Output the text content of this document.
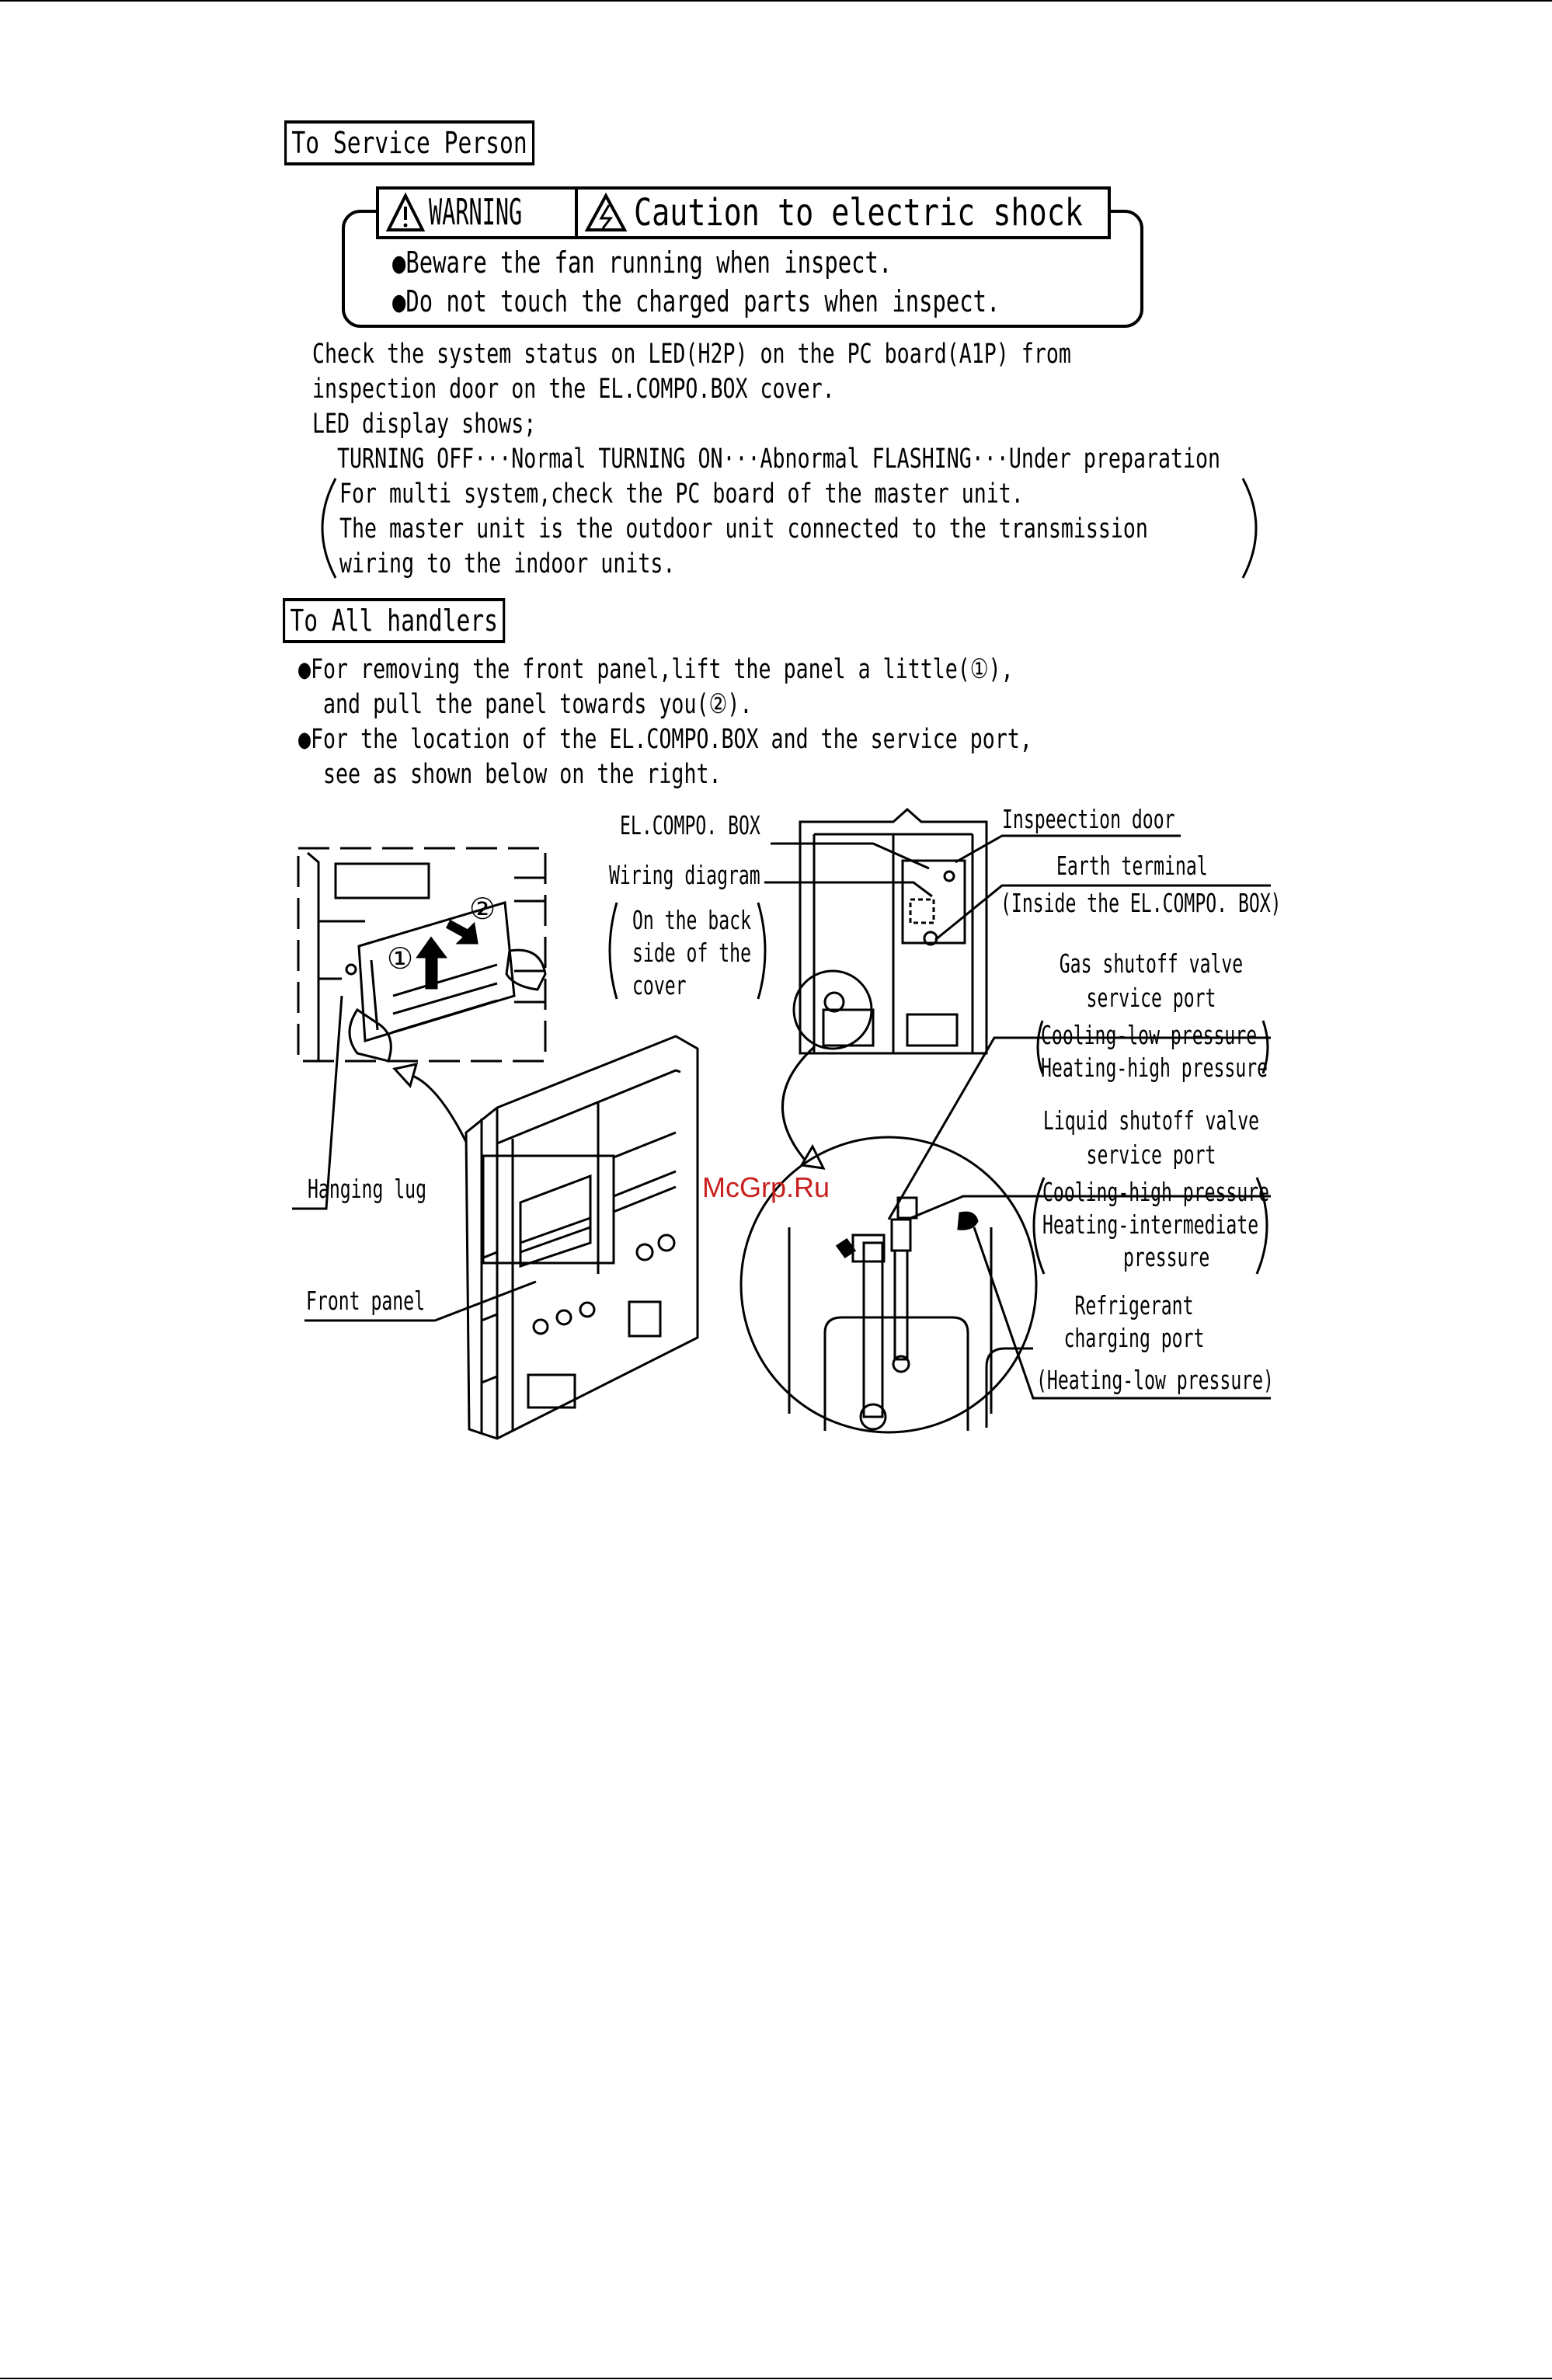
To Service Person
WARNING	Caution to electric shock
●Beware the fan running when inspect.
●Do not touch the charged parts when inspect.
Check the system status on LED(H2P) on the PC board(A1P) from
inspection door on the EL.COMPO.BOX cover.
LED display shows;
TURNING OFF···Normal TURNING ON···Abnormal FLASHING···Under preparation
For multi system,check the PC board of the master unit.
The master unit is the outdoor unit connected to the transmission
wiring to the indoor units.
To All handlers
●For removing the front panel,lift the panel a little(①),
and pull the panel towards you(②).
●For the location of the EL.COMPO.BOX and the service port,
see as shown below on the right.
EL.COMPO. BOX
Wiring diagram
On the back
side of the
cover
Inspeection door
Earth terminal
(Inside the EL.COMPO. BOX)
Gas shutoff valve
service port
Cooling-low pressure
Heating-high pressure
Liquid shutoff valve
service port
Cooling-high pressure
Heating-intermediate
pressure
Refrigerant
charging port
(Heating-low pressure)
Hanging lug
Front panel
①
②
McGrp.Ru
